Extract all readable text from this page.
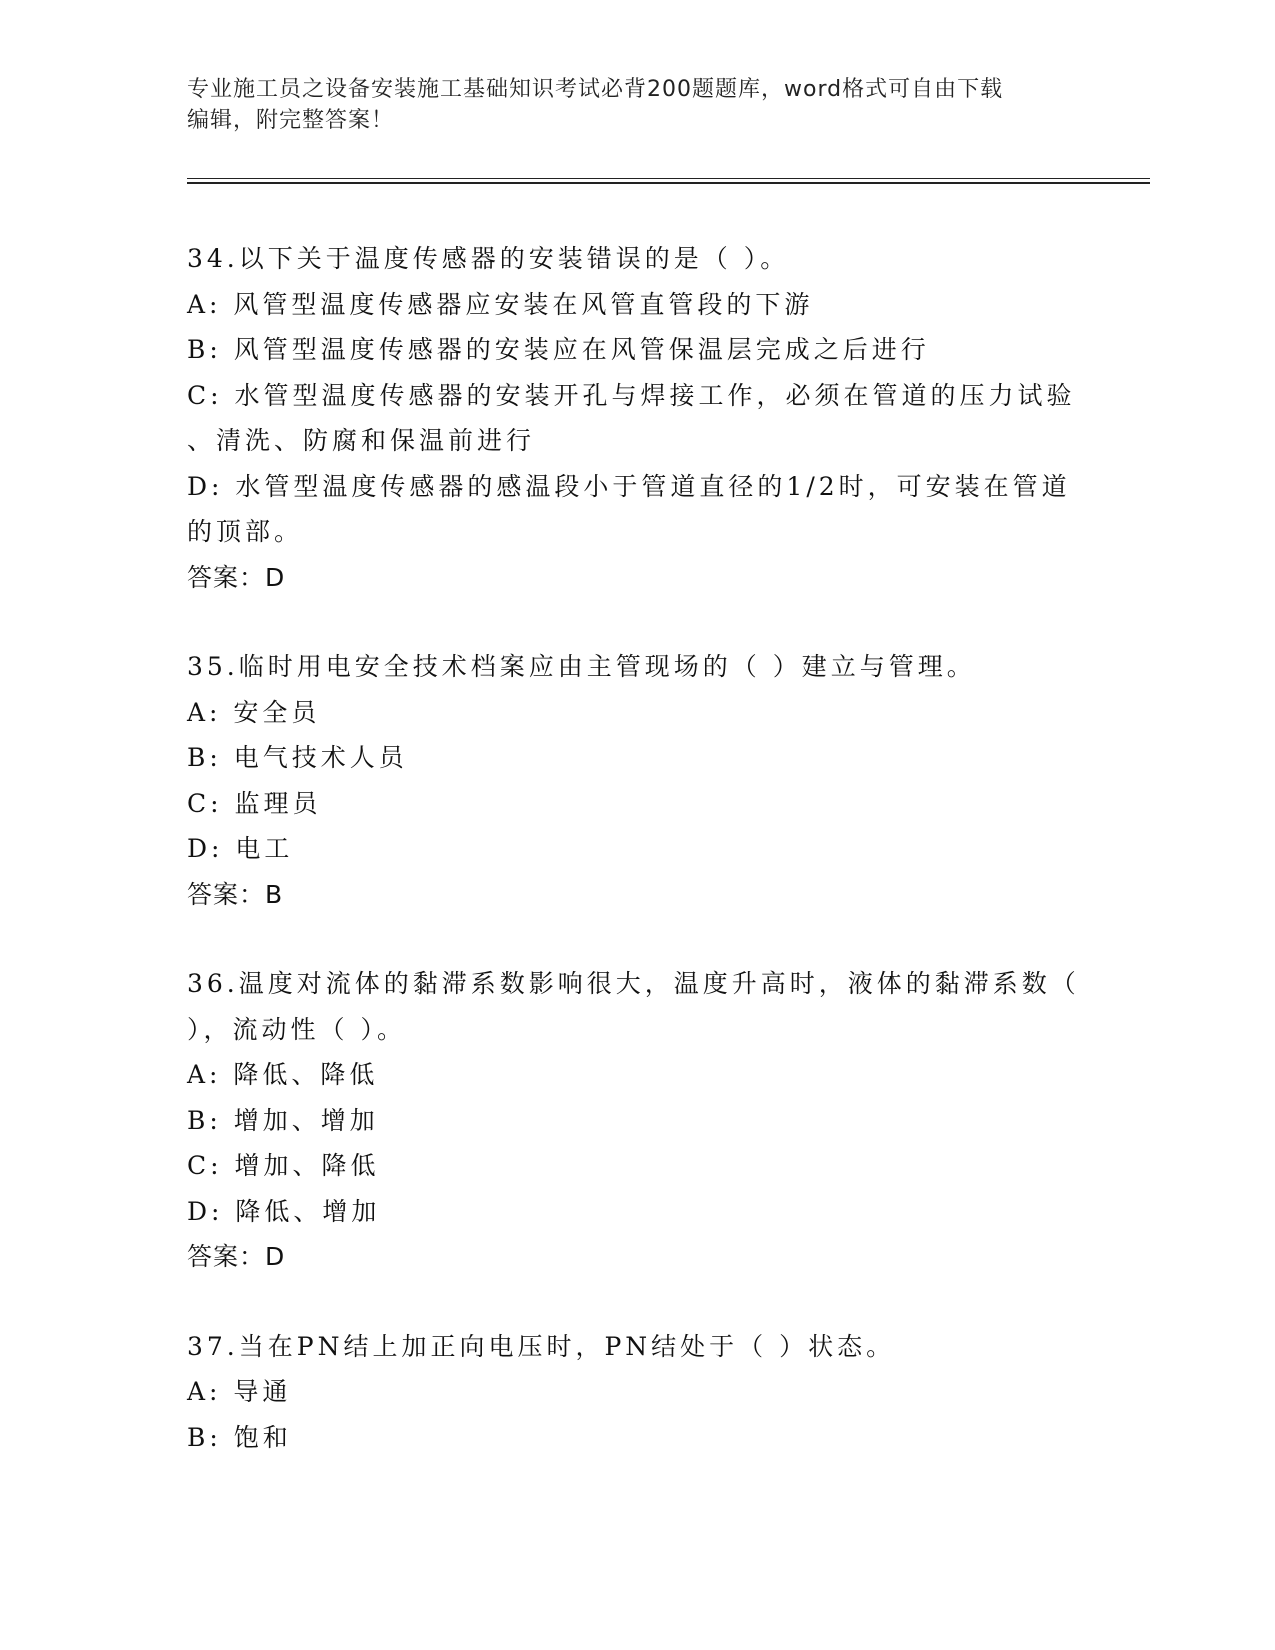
专业施工员之设备安装施工基础知识考试必背200题题库，word格式可自由下载
编辑，附完整答案！
34.以下关于温度传感器的安装错误的是（ ）。
A: 风管型温度传感器应安装在风管直管段的下游
B: 风管型温度传感器的安装应在风管保温层完成之后进行
C: 水管型温度传感器的安装开孔与焊接工作，必须在管道的压力试验
、清洗、防腐和保温前进行
D: 水管型温度传感器的感温段小于管道直径的1/2时，可安装在管道
的顶部。
答案：D
35.临时用电安全技术档案应由主管现场的（ ）建立与管理。
A: 安全员
B: 电气技术人员
C: 监理员
D: 电工
答案：B
36.温度对流体的黏滞系数影响很大，温度升高时，液体的黏滞系数（
），流动性（ ）。
A: 降低、降低
B: 增加、增加
C: 增加、降低
D: 降低、增加
答案：D
37.当在PN结上加正向电压时，PN结处于（ ）状态。
A: 导通
B: 饱和
